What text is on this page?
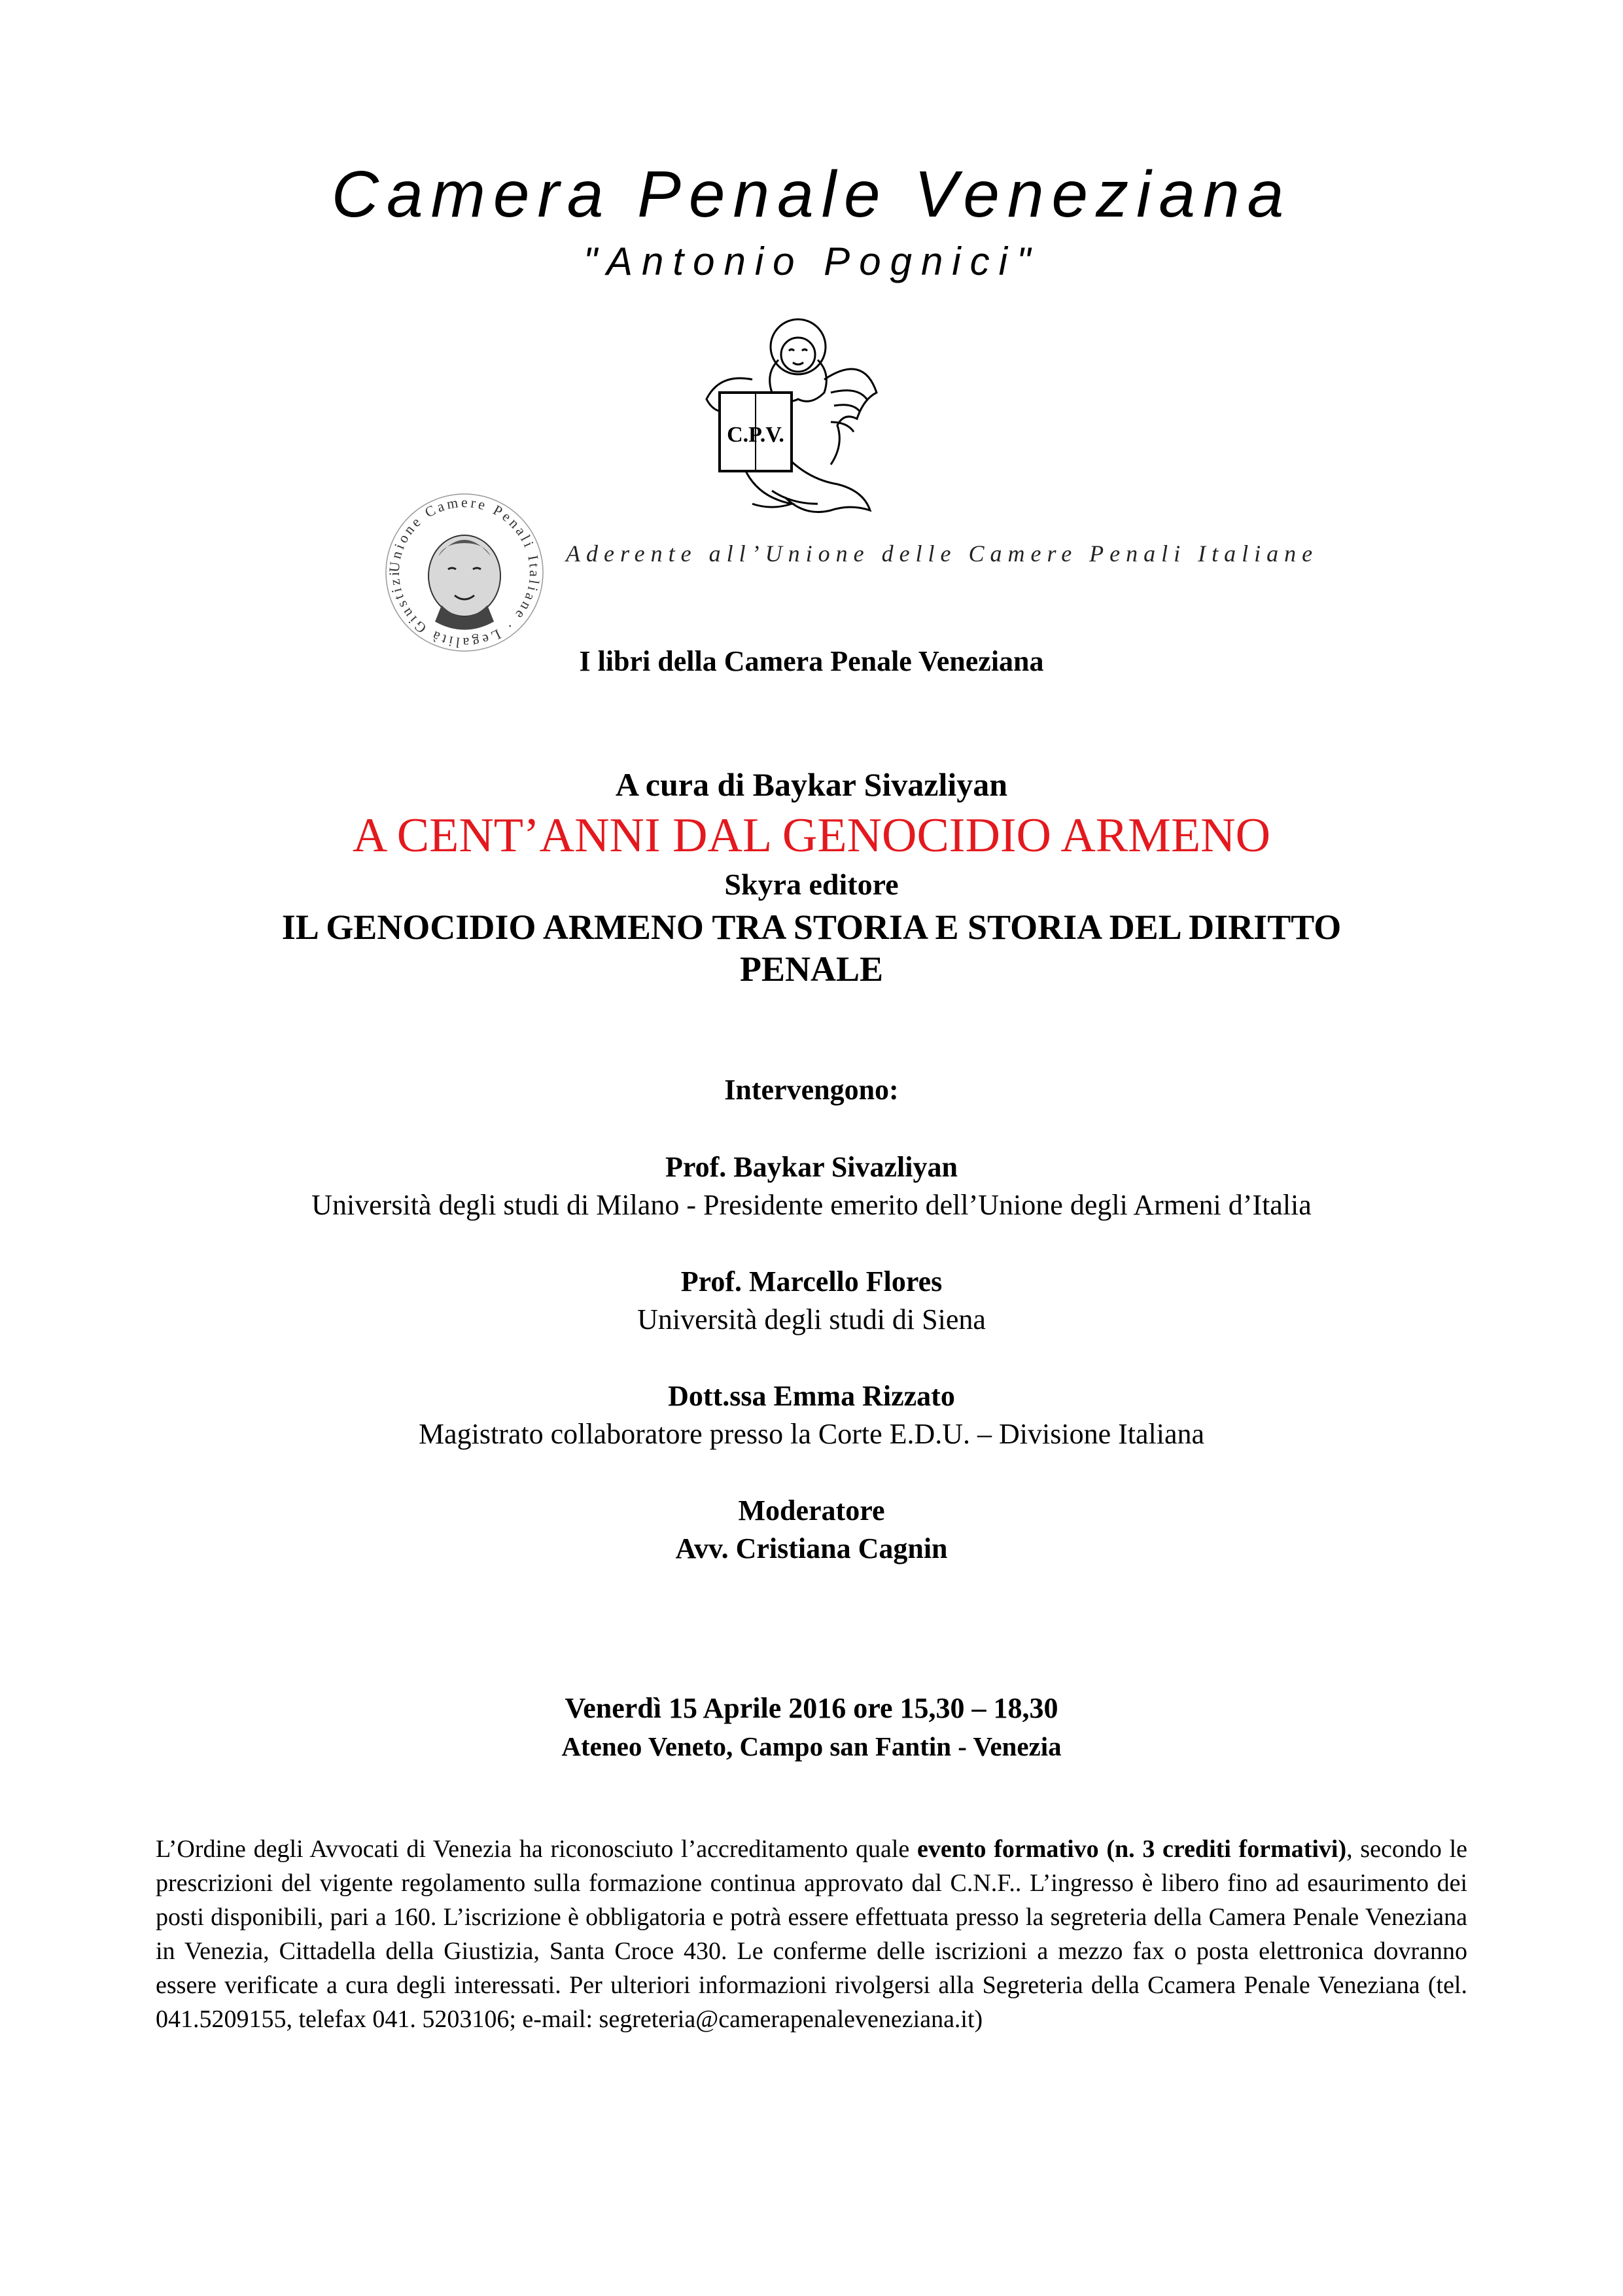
Camera Penale Veneziana
"Antonio Pognici"
C.P.V.
Unione Camere Penali Italiane · Legalità Giustizi
Aderente all’Unione delle Camere Penali Italiane
I libri della Camera Penale Veneziana
A cura di Baykar Sivazliyan
A CENT’ANNI DAL GENOCIDIO ARMENO
Skyra editore
IL GENOCIDIO ARMENO TRA STORIA E STORIA DEL DIRITTO
PENALE
Intervengono:
Prof. Baykar Sivazliyan
Università degli studi di Milano - Presidente emerito dell’Unione degli Armeni d’Italia
Prof. Marcello Flores
Università degli studi di Siena
Dott.ssa Emma Rizzato
Magistrato collaboratore presso la Corte E.D.U. – Divisione Italiana
Moderatore
Avv. Cristiana Cagnin
Venerdì 15 Aprile 2016 ore 15,30 – 18,30
Ateneo Veneto, Campo san Fantin - Venezia
L’Ordine degli Avvocati di Venezia ha riconosciuto l’accreditamento quale evento formativo (n. 3 crediti formativi), secondo le prescrizioni del vigente regolamento sulla formazione continua approvato dal C.N.F.. L’ingresso è libero fino ad esaurimento dei posti disponibili, pari a 160. L’iscrizione è obbligatoria e potrà essere effettuata presso la segreteria della Camera Penale Veneziana in Venezia, Cittadella della Giustizia, Santa Croce 430. Le conferme delle iscrizioni a mezzo fax o posta elettronica dovranno essere verificate a cura degli interessati. Per ulteriori informazioni rivolgersi alla Segreteria della Ccamera Penale Veneziana (tel. 041.5209155, telefax 041. 5203106; e-mail: segreteria@camerapenaleveneziana.it)
